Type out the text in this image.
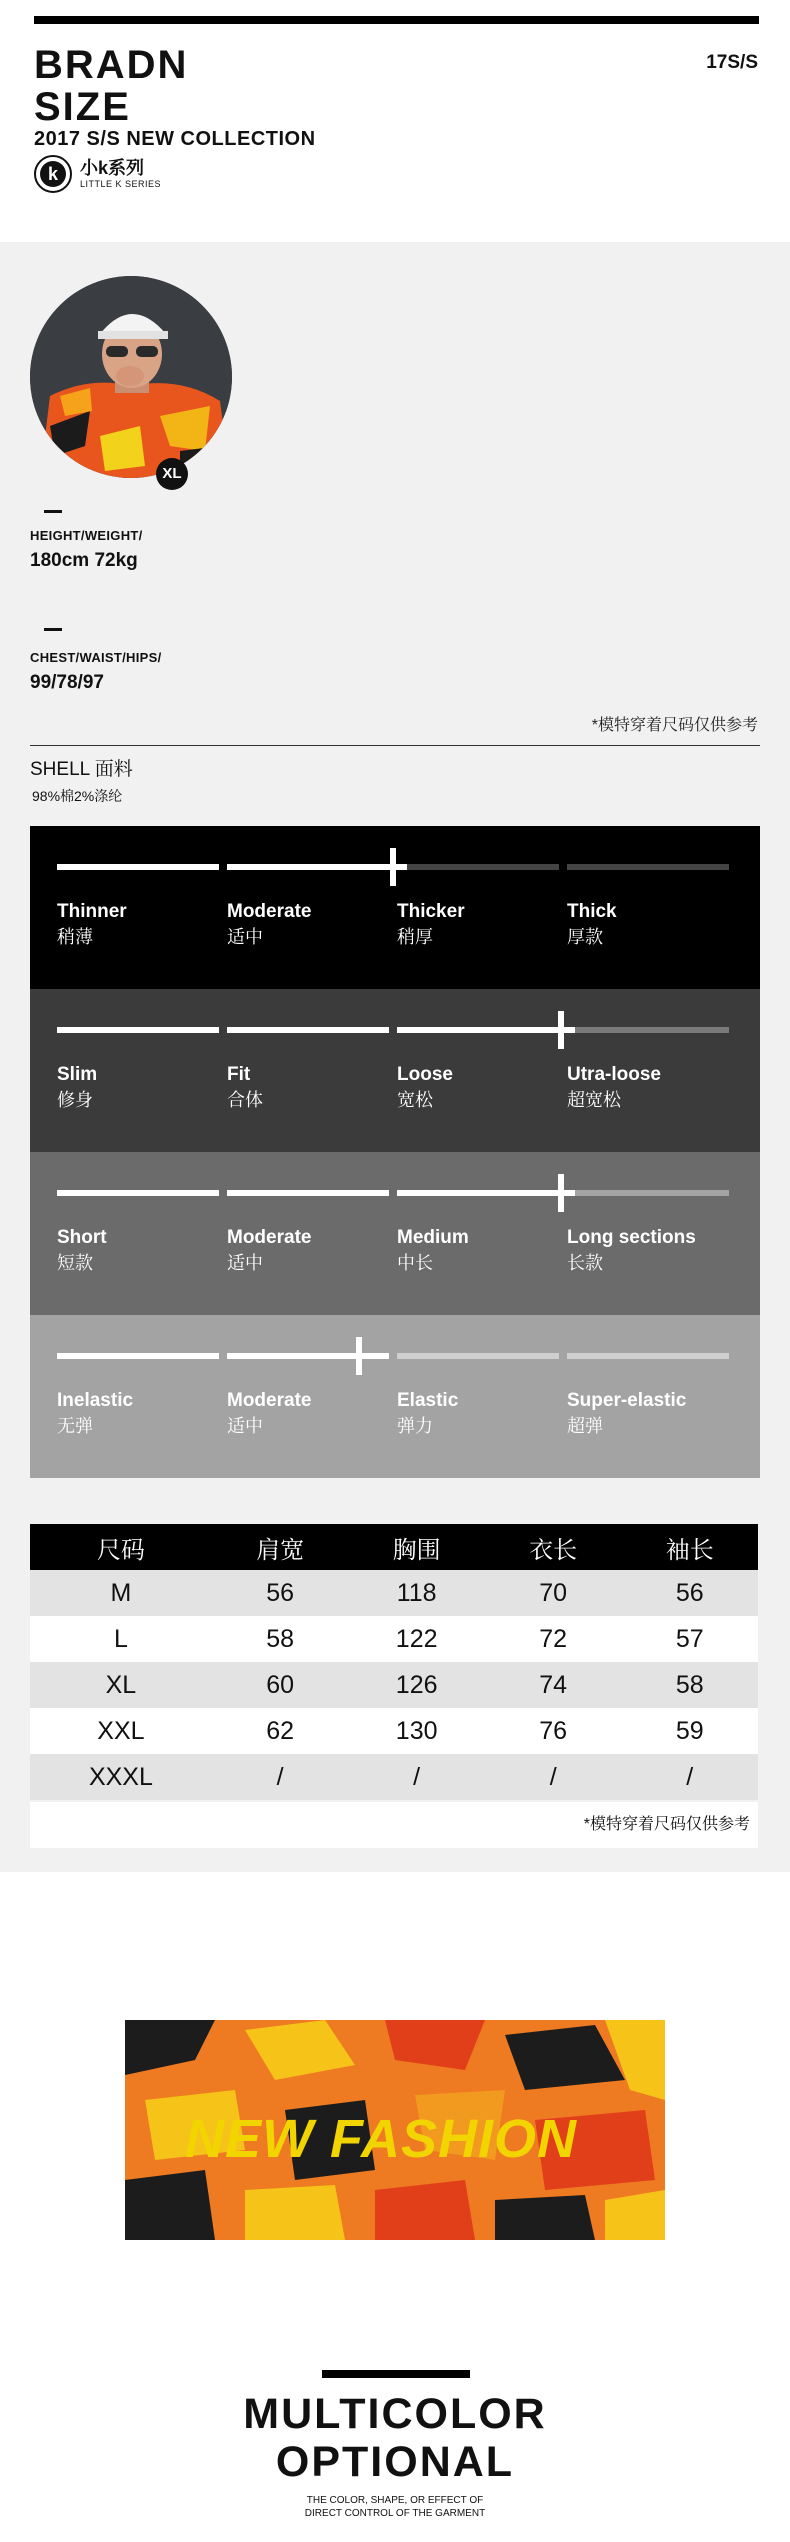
BRADN
SIZE
17S/S
2017 S/S NEW COLLECTION
k	小k系列
LITTLE K SERIES
XL
HEIGHT/WEIGHT/
180cm 72kg
CHEST/WAIST/HIPS/
99/78/97
*模特穿着尺码仅供参考
SHELL 面料
98%棉2%涤纶
Thinner
稍薄
Moderate
适中
Thicker
稍厚
Thick
厚款
Slim
修身
Fit
合体
Loose
宽松
Utra-loose
超宽松
Short
短款
Moderate
适中
Medium
中长
Long sections
长款
Inelastic
无弹
Moderate
适中
Elastic
弹力
Super-elastic
超弹
尺码	肩宽	胸围	衣长	袖长
M	56	118	70	56
L	58	122	72	57
XL	60	126	74	58
XXL	62	130	76	59
XXXL	/	/	/	/
*模特穿着尺码仅供参考
NEW FASHION
MULTICOLOR
OPTIONAL
THE COLOR, SHAPE, OR EFFECT OF
DIRECT CONTROL OF THE GARMENT
